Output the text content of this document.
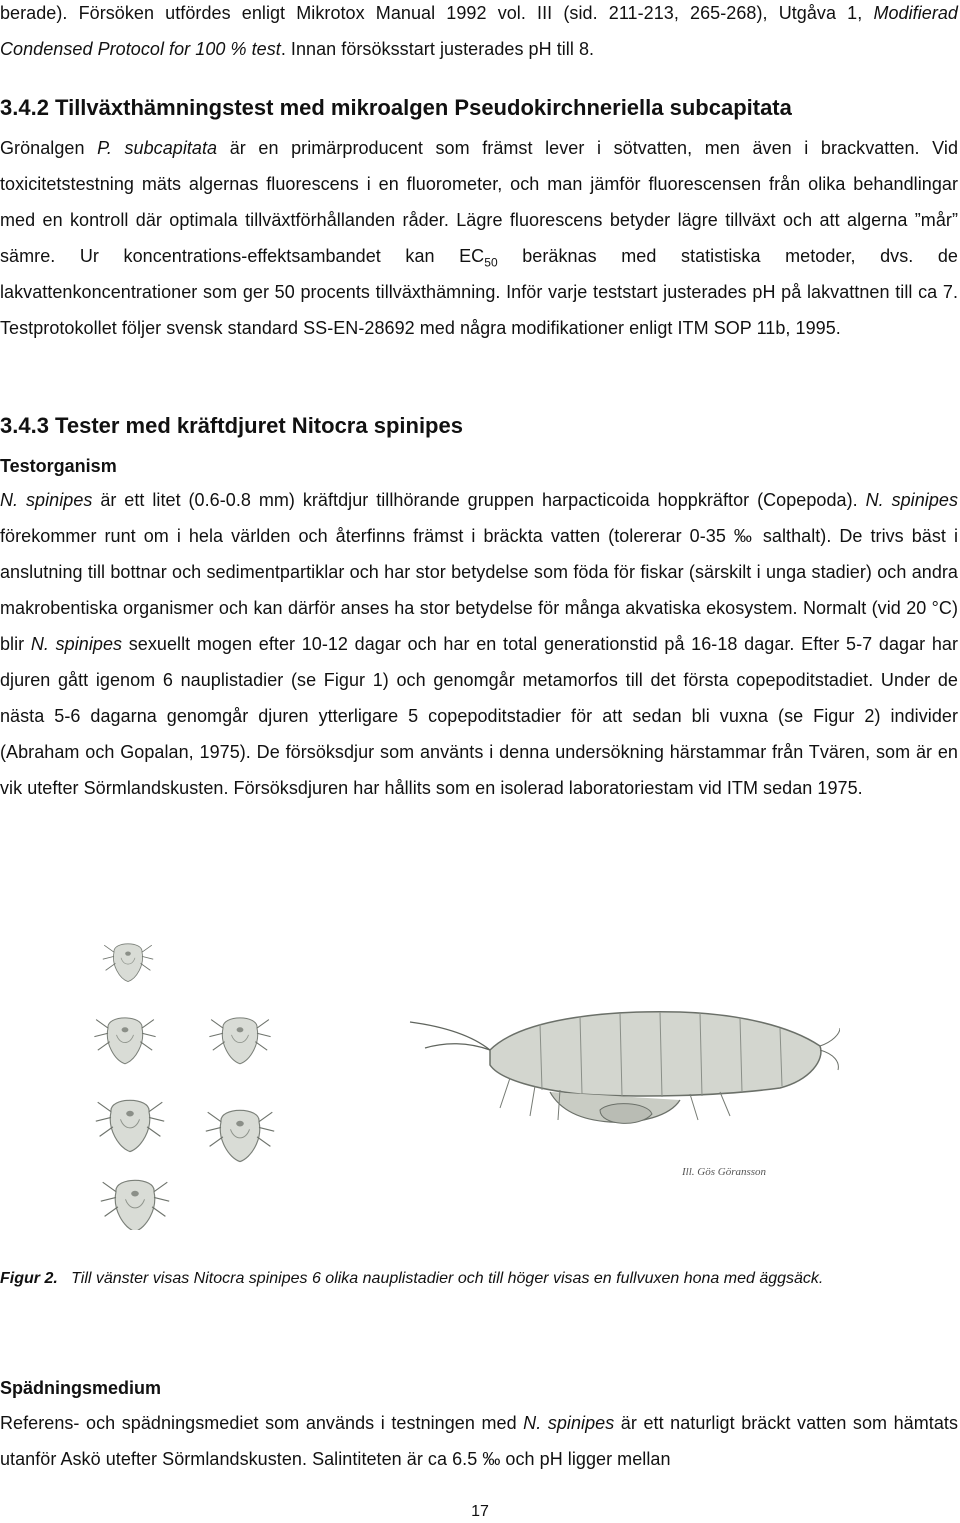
berade). Försöken utfördes enligt Mikrotox Manual 1992 vol. III (sid. 211-213, 265-268), Utgåva 1, Modifierad Condensed Protocol for 100 % test. Innan försöksstart justerades pH till 8.

3.4.2 Tillväxthämningstest med mikroalgen Pseudokirchneriella subcapitata

Grönalgen P. subcapitata är en primärproducent som främst lever i sötvatten, men även i brackvatten. Vid toxicitetstestning mäts algernas fluorescens i en fluorometer, och man jämför fluorescensen från olika behandlingar med en kontroll där optimala tillväxtförhållanden råder. Lägre fluorescens betyder lägre tillväxt och att algerna ”mår” sämre. Ur koncentrations-effektsambandet kan $EC_{50}$ beräknas med statistiska metoder, dvs. de lakvattenkoncentrationer som ger 50 procents tillväxthämning. Inför varje teststart justerades pH på lakvattnen till ca 7. Testprotokollet följer svensk standard SS-EN-28692 med några modifikationer enligt ITM SOP 11b, 1995.

3.4.3 Tester med kräftdjuret Nitocra spinipes
Testorganism

N. spinipes är ett litet (0.6-0.8 mm) kräftdjur tillhörande gruppen harpacticoida hoppkräftor (Copepoda). N. spinipes förekommer runt om i hela världen och återfinns främst i bräckta vatten (tolererar 0-35 ‰ salthalt). De trivs bäst i anslutning till bottnar och sedimentpartiklar och har stor betydelse som föda för fiskar (särskilt i unga stadier) och andra makrobentiska organismer och kan därför anses ha stor betydelse för många akvatiska ekosystem. Normalt (vid 20 °C) blir N. spinipes sexuellt mogen efter 10-12 dagar och har en total generationstid på 16-18 dagar. Efter 5-7 dagar har djuren gått igenom 6 nauplistadier (se Figur 1) och genomgår metamorfos till det första copepoditstadiet. Under de nästa 5-6 dagarna genomgår djuren ytterligare 5 copepoditstadier för att sedan bli vuxna (se Figur 2) individer (Abraham och Gopalan, 1975). De försöksdjur som använts i denna undersökning härstammar från Tvären, som är en vik utefter Sörmlandskusten. Försöksdjuren har hållits som en isolerad laboratoriestam vid ITM sedan 1975.

Ill. Gös Göransson

Figur 2. Till vänster visas Nitocra spinipes 6 olika nauplistadier och till höger visas en fullvuxen hona med äggsäck.

Spädningsmedium

Referens- och spädningsmediet som används i testningen med N. spinipes är ett naturligt bräckt vatten som hämtats utanför Askö utefter Sörmlandskusten. Salintiteten är ca 6.5 ‰ och pH ligger mellan

17
